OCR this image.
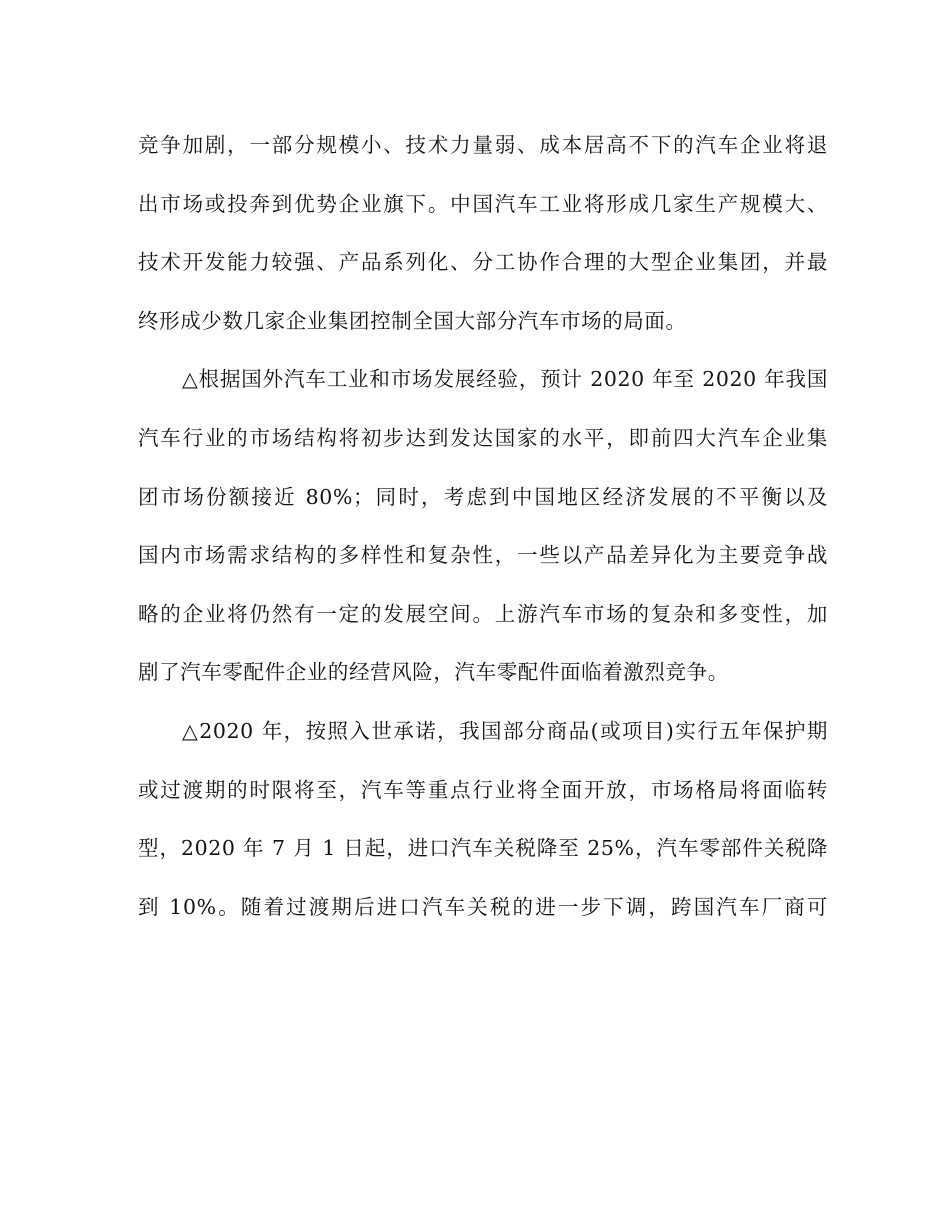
竞争加剧，一部分规模小、技术力量弱、成本居高不下的汽车企业将退
出市场或投奔到优势企业旗下。中国汽车工业将形成几家生产规模大、
技术开发能力较强、产品系列化、分工协作合理的大型企业集团，并最
终形成少数几家企业集团控制全国大部分汽车市场的局面。
△根据国外汽车工业和市场发展经验，预计 2020 年至 2020 年我国
汽车行业的市场结构将初步达到发达国家的水平，即前四大汽车企业集
团市场份额接近 80%；同时，考虑到中国地区经济发展的不平衡以及
国内市场需求结构的多样性和复杂性，一些以产品差异化为主要竞争战
略的企业将仍然有一定的发展空间。上游汽车市场的复杂和多变性，加
剧了汽车零配件企业的经营风险，汽车零配件面临着激烈竞争。
△2020 年，按照入世承诺，我国部分商品(或项目)实行五年保护期
或过渡期的时限将至，汽车等重点行业将全面开放，市场格局将面临转
型，2020 年 7 月 1 日起，进口汽车关税降至 25%，汽车零部件关税降
到 10%。随着过渡期后进口汽车关税的进一步下调，跨国汽车厂商可
